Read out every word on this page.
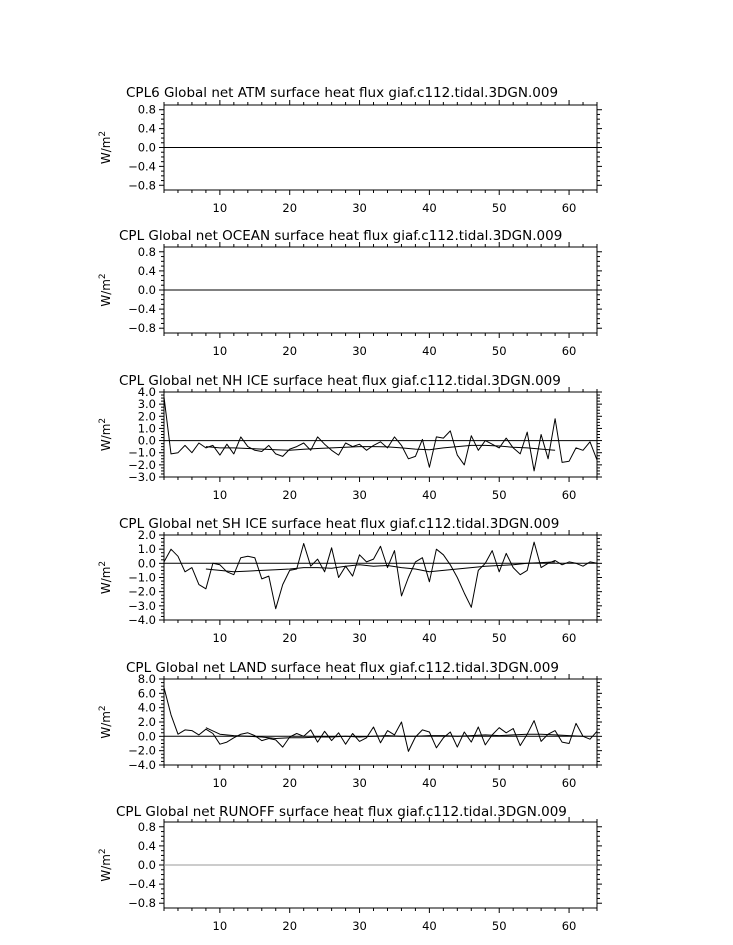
CPL6 Global net ATM surface heat flux giaf.c112.tidal.3DGN.009
10	20	30	40	50	60
0.8
0.4
0.0
−0.4
−0.8
$W/m^2$
CPL Global net OCEAN surface heat flux giaf.c112.tidal.3DGN.009
10	20	30	40	50	60
0.8
0.4
0.0
−0.4
−0.8
$W/m^2$
CPL Global net NH ICE surface heat flux giaf.c112.tidal.3DGN.009
10	20	30	40	50	60
4.0
3.0
2.0
1.0
0.0
−1.0
−2.0
−3.0
$W/m^2$
CPL Global net SH ICE surface heat flux giaf.c112.tidal.3DGN.009
10	20	30	40	50	60
2.0
1.0
0.0
−1.0
−2.0
−3.0
−4.0
$W/m^2$
CPL Global net LAND surface heat flux giaf.c112.tidal.3DGN.009
10	20	30	40	50	60
8.0
6.0
4.0
2.0
0.0
−2.0
−4.0
$W/m^2$
CPL Global net RUNOFF surface heat flux giaf.c112.tidal.3DGN.009
10	20	30	40	50	60
0.8
0.4
0.0
−0.4
−0.8
$W/m^2$
